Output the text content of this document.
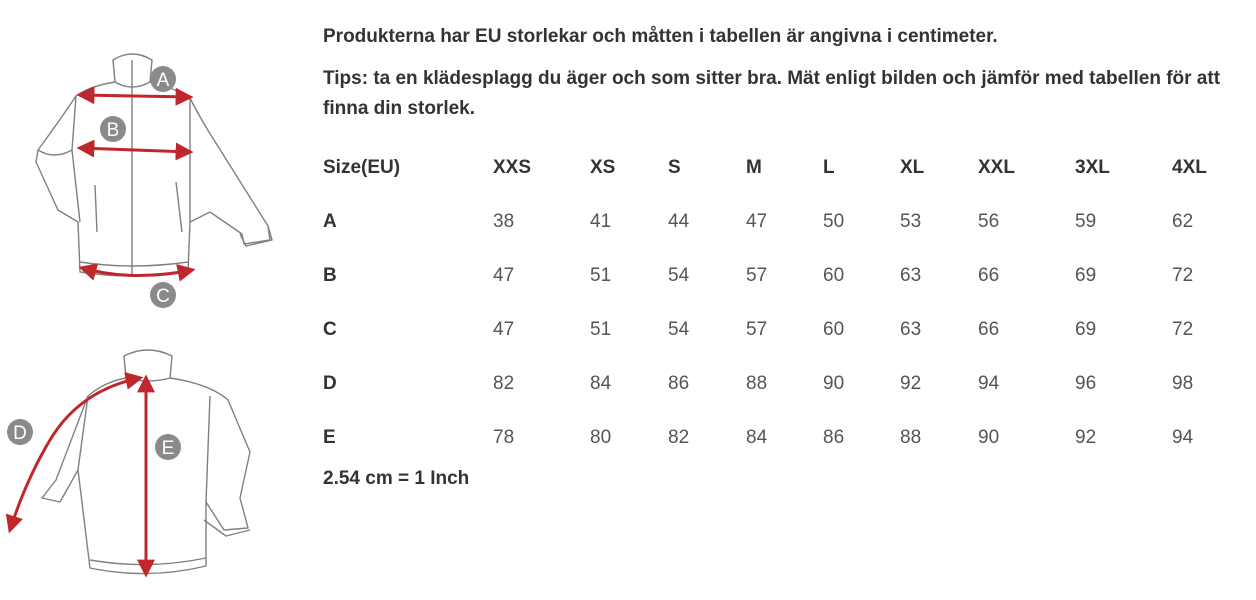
A
B
C
D
E

Produkterna har EU storlekar och måtten i tabellen är angivna i centimeter.

Tips: ta en klädesplagg du äger och som sitter bra. Mät enligt bilden och jämför med tabellen för att finna din storlek.

Size(EU)	XXS	XS	S	M	L	XL	XXL	3XL	4XL
A	38	41	44	47	50	53	56	59	62
B	47	51	54	57	60	63	66	69	72
C	47	51	54	57	60	63	66	69	72
D	82	84	86	88	90	92	94	96	98
E	78	80	82	84	86	88	90	92	94
2.54 cm = 1 Inch
